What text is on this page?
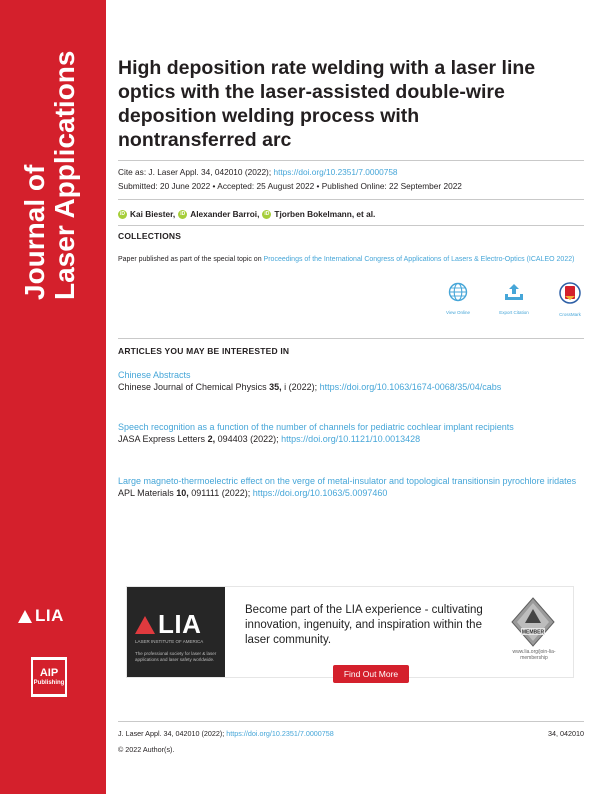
Journal of Laser Applications
LIA
AIP
Publishing
High deposition rate welding with a laser line optics with the laser-assisted double-wire deposition welding process with nontransferred arc
Cite as: J. Laser Appl. 34, 042010 (2022); https://doi.org/10.2351/7.0000758
Submitted: 20 June 2022 • Accepted: 25 August 2022 • Published Online: 22 September 2022
iD Kai Biester,	iD Alexander Barroi,	iD Tjorben Bokelmann, et al.
COLLECTIONS
Paper published as part of the special topic on Proceedings of the International Congress of Applications of Lasers & Electro-Optics (ICALEO 2022)
View Online	Export Citation	CrossMark
ARTICLES YOU MAY BE INTERESTED IN
Chinese Abstracts
Chinese Journal of Chemical Physics 35, i (2022); https://doi.org/10.1063/1674-0068/35/04/cabs
Speech recognition as a function of the number of channels for pediatric cochlear implant recipients
JASA Express Letters 2, 094403 (2022); https://doi.org/10.1121/10.0013428
Large magneto-thermoelectric effect on the verge of metal-insulator and topological transitionsin pyrochlore iridates
APL Materials 10, 091111 (2022); https://doi.org/10.1063/5.0097460
LIA
LASER INSTITUTE OF AMERICA
The professional society for laser & laser applications and laser safety worldwide.
Become part of the LIA experience - cultivating innovation, ingenuity, and inspiration within the laser community.
Find Out More
MEMBER
www.lia.org/join-lia-membership
J. Laser Appl. 34, 042010 (2022); https://doi.org/10.2351/7.0000758	34, 042010
© 2022 Author(s).
